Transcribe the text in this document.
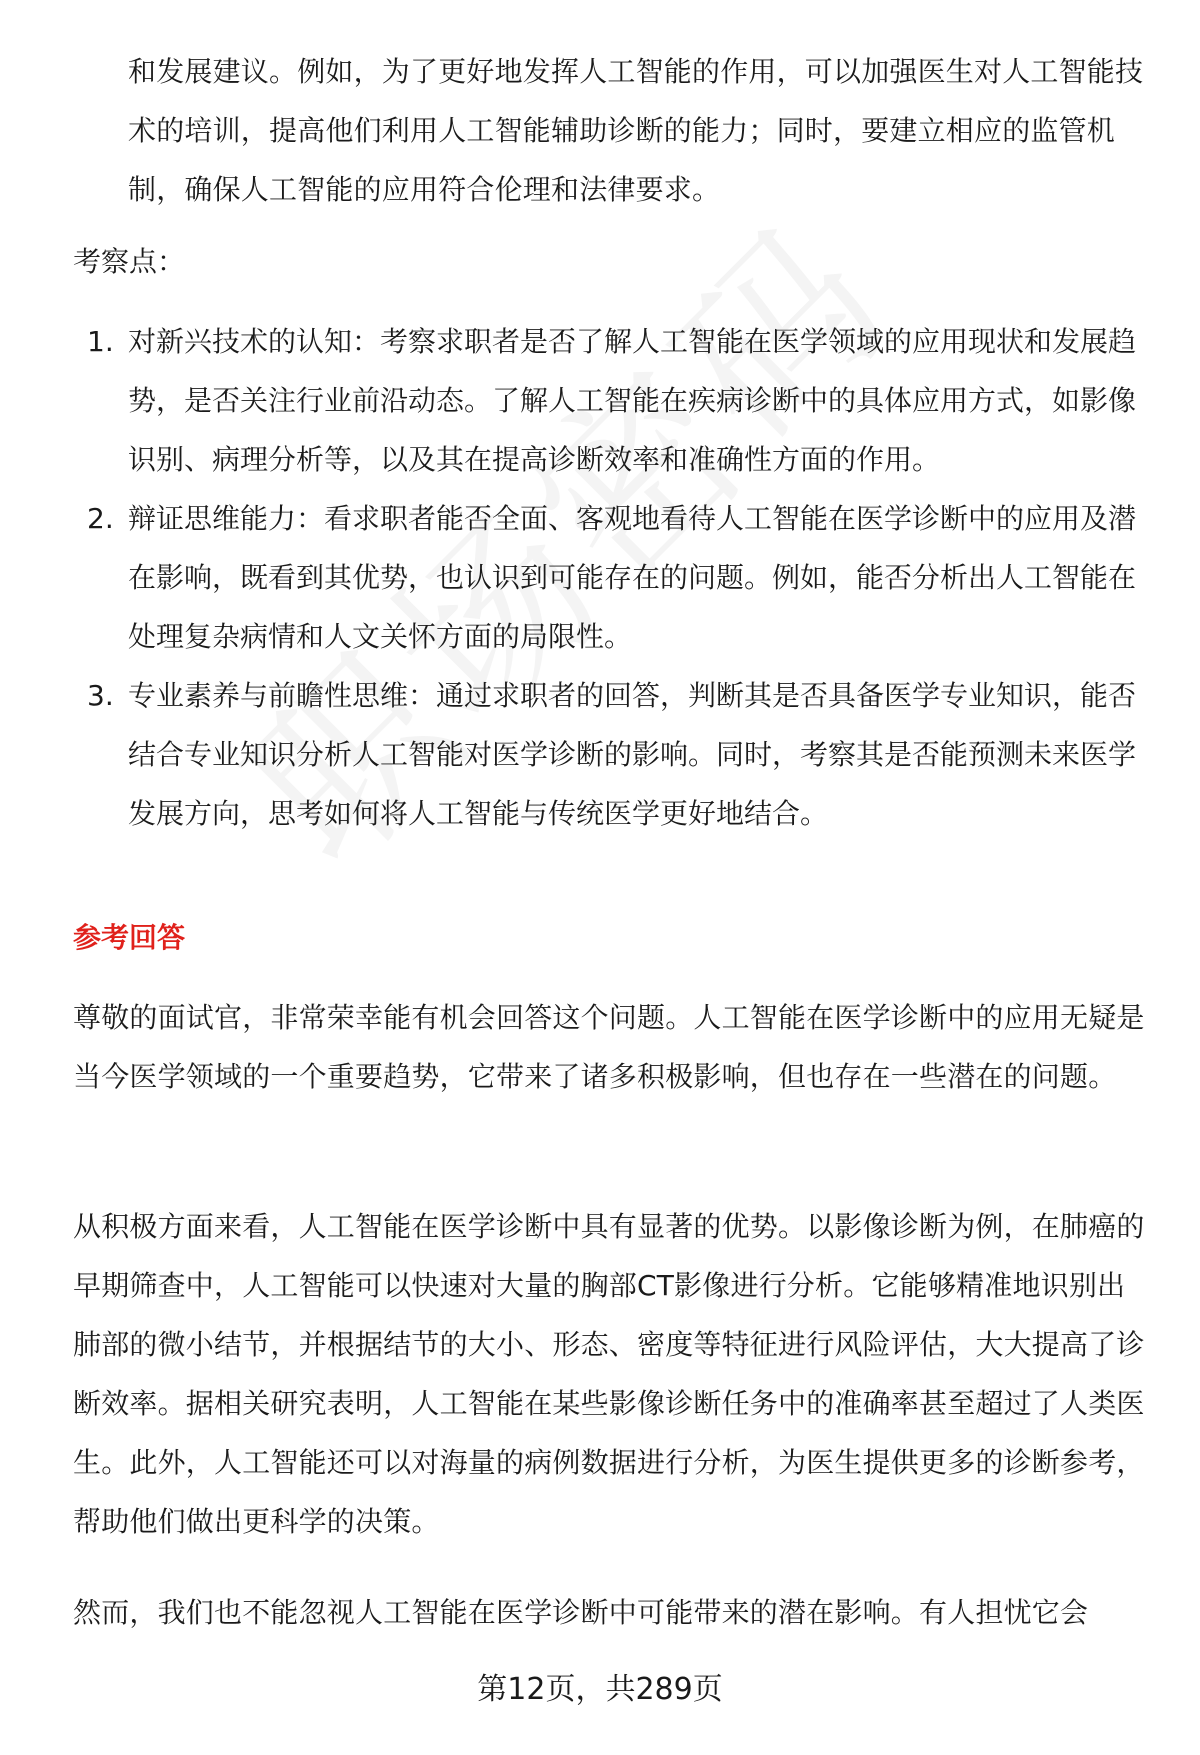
和发展建议。例如，为了更好地发挥人工智能的作用，可以加强医生对人工智能技术的培训，提高他们利用人工智能辅助诊断的能力；同时，要建立相应的监管机制，确保人工智能的应用符合伦理和法律要求。

考察点：

1. 对新兴技术的认知：考察求职者是否了解人工智能在医学领域的应用现状和发展趋势，是否关注行业前沿动态。了解人工智能在疾病诊断中的具体应用方式，如影像识别、病理分析等，以及其在提高诊断效率和准确性方面的作用。
2. 辩证思维能力：看求职者能否全面、客观地看待人工智能在医学诊断中的应用及潜在影响，既看到其优势，也认识到可能存在的问题。例如，能否分析出人工智能在处理复杂病情和人文关怀方面的局限性。
3. 专业素养与前瞻性思维：通过求职者的回答，判断其是否具备医学专业知识，能否结合专业知识分析人工智能对医学诊断的影响。同时，考察其是否能预测未来医学发展方向，思考如何将人工智能与传统医学更好地结合。

参考回答

尊敬的面试官，非常荣幸能有机会回答这个问题。人工智能在医学诊断中的应用无疑是当今医学领域的一个重要趋势，它带来了诸多积极影响，但也存在一些潜在的问题。

从积极方面来看，人工智能在医学诊断中具有显著的优势。以影像诊断为例，在肺癌的早期筛查中，人工智能可以快速对大量的胸部CT影像进行分析。它能够精准地识别出肺部的微小结节，并根据结节的大小、形态、密度等特征进行风险评估，大大提高了诊断效率。据相关研究表明，人工智能在某些影像诊断任务中的准确率甚至超过了人类医生。此外，人工智能还可以对海量的病例数据进行分析，为医生提供更多的诊断参考，帮助他们做出更科学的决策。

然而，我们也不能忽视人工智能在医学诊断中可能带来的潜在影响。有人担忧它会

第12页，共289页
